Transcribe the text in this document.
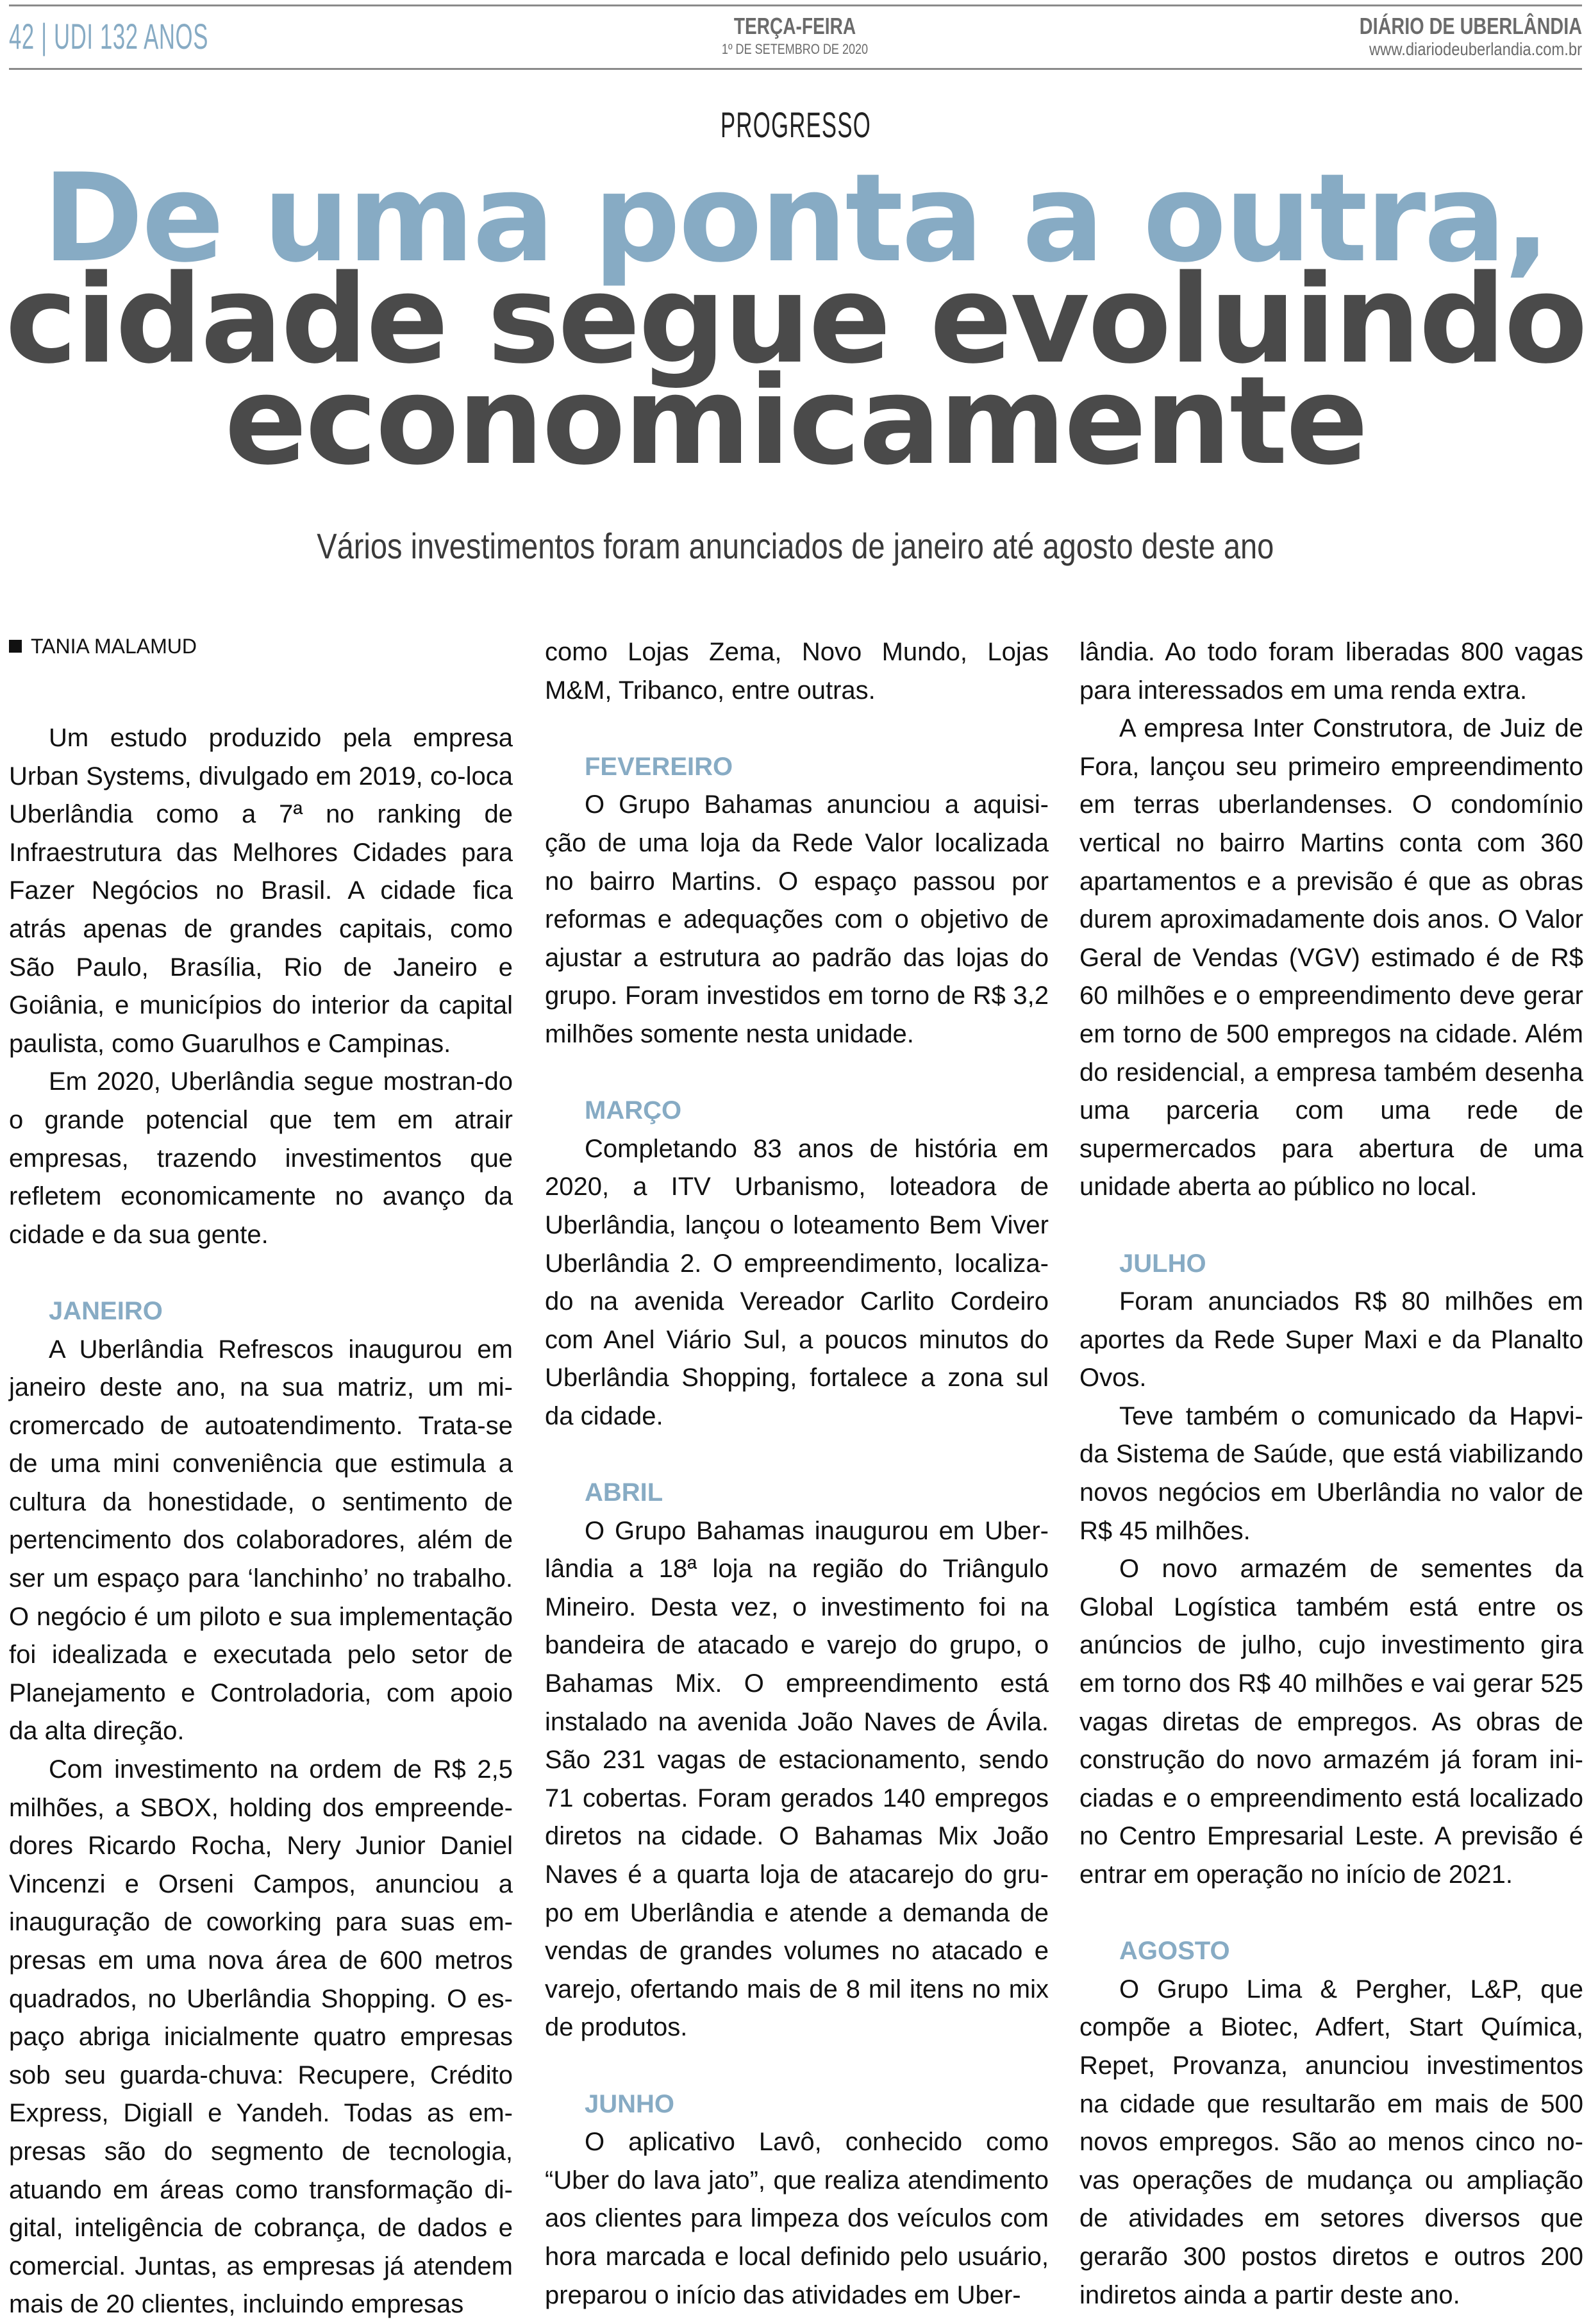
42 | UDI 132 ANOS	TERÇA-FEIRA
1º DE SETEMBRO DE 2020
DIÁRIO DE UBERLÂNDIA
www.diariodeuberlandia.com.br
PROGRESSO
De uma ponta a outra,
cidade segue evoluindo
economicamente
Vários investimentos foram anunciados de janeiro até agosto deste ano
TANIA MALAMUD

Um estudo produzido pela empresa Urban Systems, divulgado em 2019, co-loca Uberlândia como a 7ª no ranking de Infraestrutura das Melhores Cidades para Fazer Negócios no Brasil. A cidade fica atrás apenas de grandes capitais, como São Paulo, Brasília, Rio de Janeiro e Goiânia, e municípios do interior da capital paulista, como Guarulhos e Campinas.

Em 2020, Uberlândia segue mostran-do o grande potencial que tem em atrair empresas, trazendo investimentos que refletem economicamente no avanço da cidade e da sua gente.

JANEIRO

A Uberlândia Refrescos inaugurou em janeiro deste ano, na sua matriz, um mi-cromercado de autoatendimento. Trata-se de uma mini conveniência que estimula a cultura da honestidade, o sentimento de pertencimento dos colaboradores, além de ser um espaço para ‘lanchinho’ no trabalho. O negócio é um piloto e sua implementação foi idealizada e executada pelo setor de Planejamento e Controladoria, com apoio da alta direção.

Com investimento na ordem de R$ 2,5 milhões, a SBOX, holding dos empreende-dores Ricardo Rocha, Nery Junior Daniel Vincenzi e Orseni Campos, anunciou a inauguração de coworking para suas em-presas em uma nova área de 600 metros quadrados, no Uberlândia Shopping. O es-paço abriga inicialmente quatro empresas sob seu guarda-chuva: Recupere, Crédito Express, Digiall e Yandeh. Todas as em-presas são do segmento de tecnologia, atuando em áreas como transformação di-gital, inteligência de cobrança, de dados e comercial. Juntas, as empresas já atendem mais de 20 clientes, incluindo empresas

como Lojas Zema, Novo Mundo, Lojas M&M, Tribanco, entre outras.

FEVEREIRO

O Grupo Bahamas anunciou a aquisi-ção de uma loja da Rede Valor localizada no bairro Martins. O espaço passou por reformas e adequações com o objetivo de ajustar a estrutura ao padrão das lojas do grupo. Foram investidos em torno de R$ 3,2 milhões somente nesta unidade.

MARÇO

Completando 83 anos de história em 2020, a ITV Urbanismo, loteadora de Uberlândia, lançou o loteamento Bem Viver Uberlândia 2. O empreendimento, localiza-do na avenida Vereador Carlito Cordeiro com Anel Viário Sul, a poucos minutos do Uberlândia Shopping, fortalece a zona sul da cidade.

ABRIL

O Grupo Bahamas inaugurou em Uber-lândia a 18ª loja na região do Triângulo Mineiro. Desta vez, o investimento foi na bandeira de atacado e varejo do grupo, o Bahamas Mix. O empreendimento está instalado na avenida João Naves de Ávila. São 231 vagas de estacionamento, sendo 71 cobertas. Foram gerados 140 empregos diretos na cidade. O Bahamas Mix João Naves é a quarta loja de atacarejo do gru-po em Uberlândia e atende a demanda de vendas de grandes volumes no atacado e varejo, ofertando mais de 8 mil itens no mix de produtos.

JUNHO

O aplicativo Lavô, conhecido como “Uber do lava jato”, que realiza atendimento aos clientes para limpeza dos veículos com hora marcada e local definido pelo usuário, preparou o início das atividades em Uber-

lândia. Ao todo foram liberadas 800 vagas para interessados em uma renda extra.

A empresa Inter Construtora, de Juiz de Fora, lançou seu primeiro empreendimento em terras uberlandenses. O condomínio vertical no bairro Martins conta com 360 apartamentos e a previsão é que as obras durem aproximadamente dois anos. O Valor Geral de Vendas (VGV) estimado é de R$ 60 milhões e o empreendimento deve gerar em torno de 500 empregos na cidade. Além do residencial, a empresa também desenha uma parceria com uma rede de supermercados para abertura de uma unidade aberta ao público no local.

JULHO

Foram anunciados R$ 80 milhões em aportes da Rede Super Maxi e da Planalto Ovos.

Teve também o comunicado da Hapvi-da Sistema de Saúde, que está viabilizando novos negócios em Uberlândia no valor de R$ 45 milhões.

O novo armazém de sementes da Global Logística também está entre os anúncios de julho, cujo investimento gira em torno dos R$ 40 milhões e vai gerar 525 vagas diretas de empregos. As obras de construção do novo armazém já foram ini-ciadas e o empreendimento está localizado no Centro Empresarial Leste. A previsão é entrar em operação no início de 2021.

AGOSTO

O Grupo Lima & Pergher, L&P, que compõe a Biotec, Adfert, Start Química, Repet, Provanza, anunciou investimentos na cidade que resultarão em mais de 500 novos empregos. São ao menos cinco no-vas operações de mudança ou ampliação de atividades em setores diversos que gerarão 300 postos diretos e outros 200 indiretos ainda a partir deste ano.
